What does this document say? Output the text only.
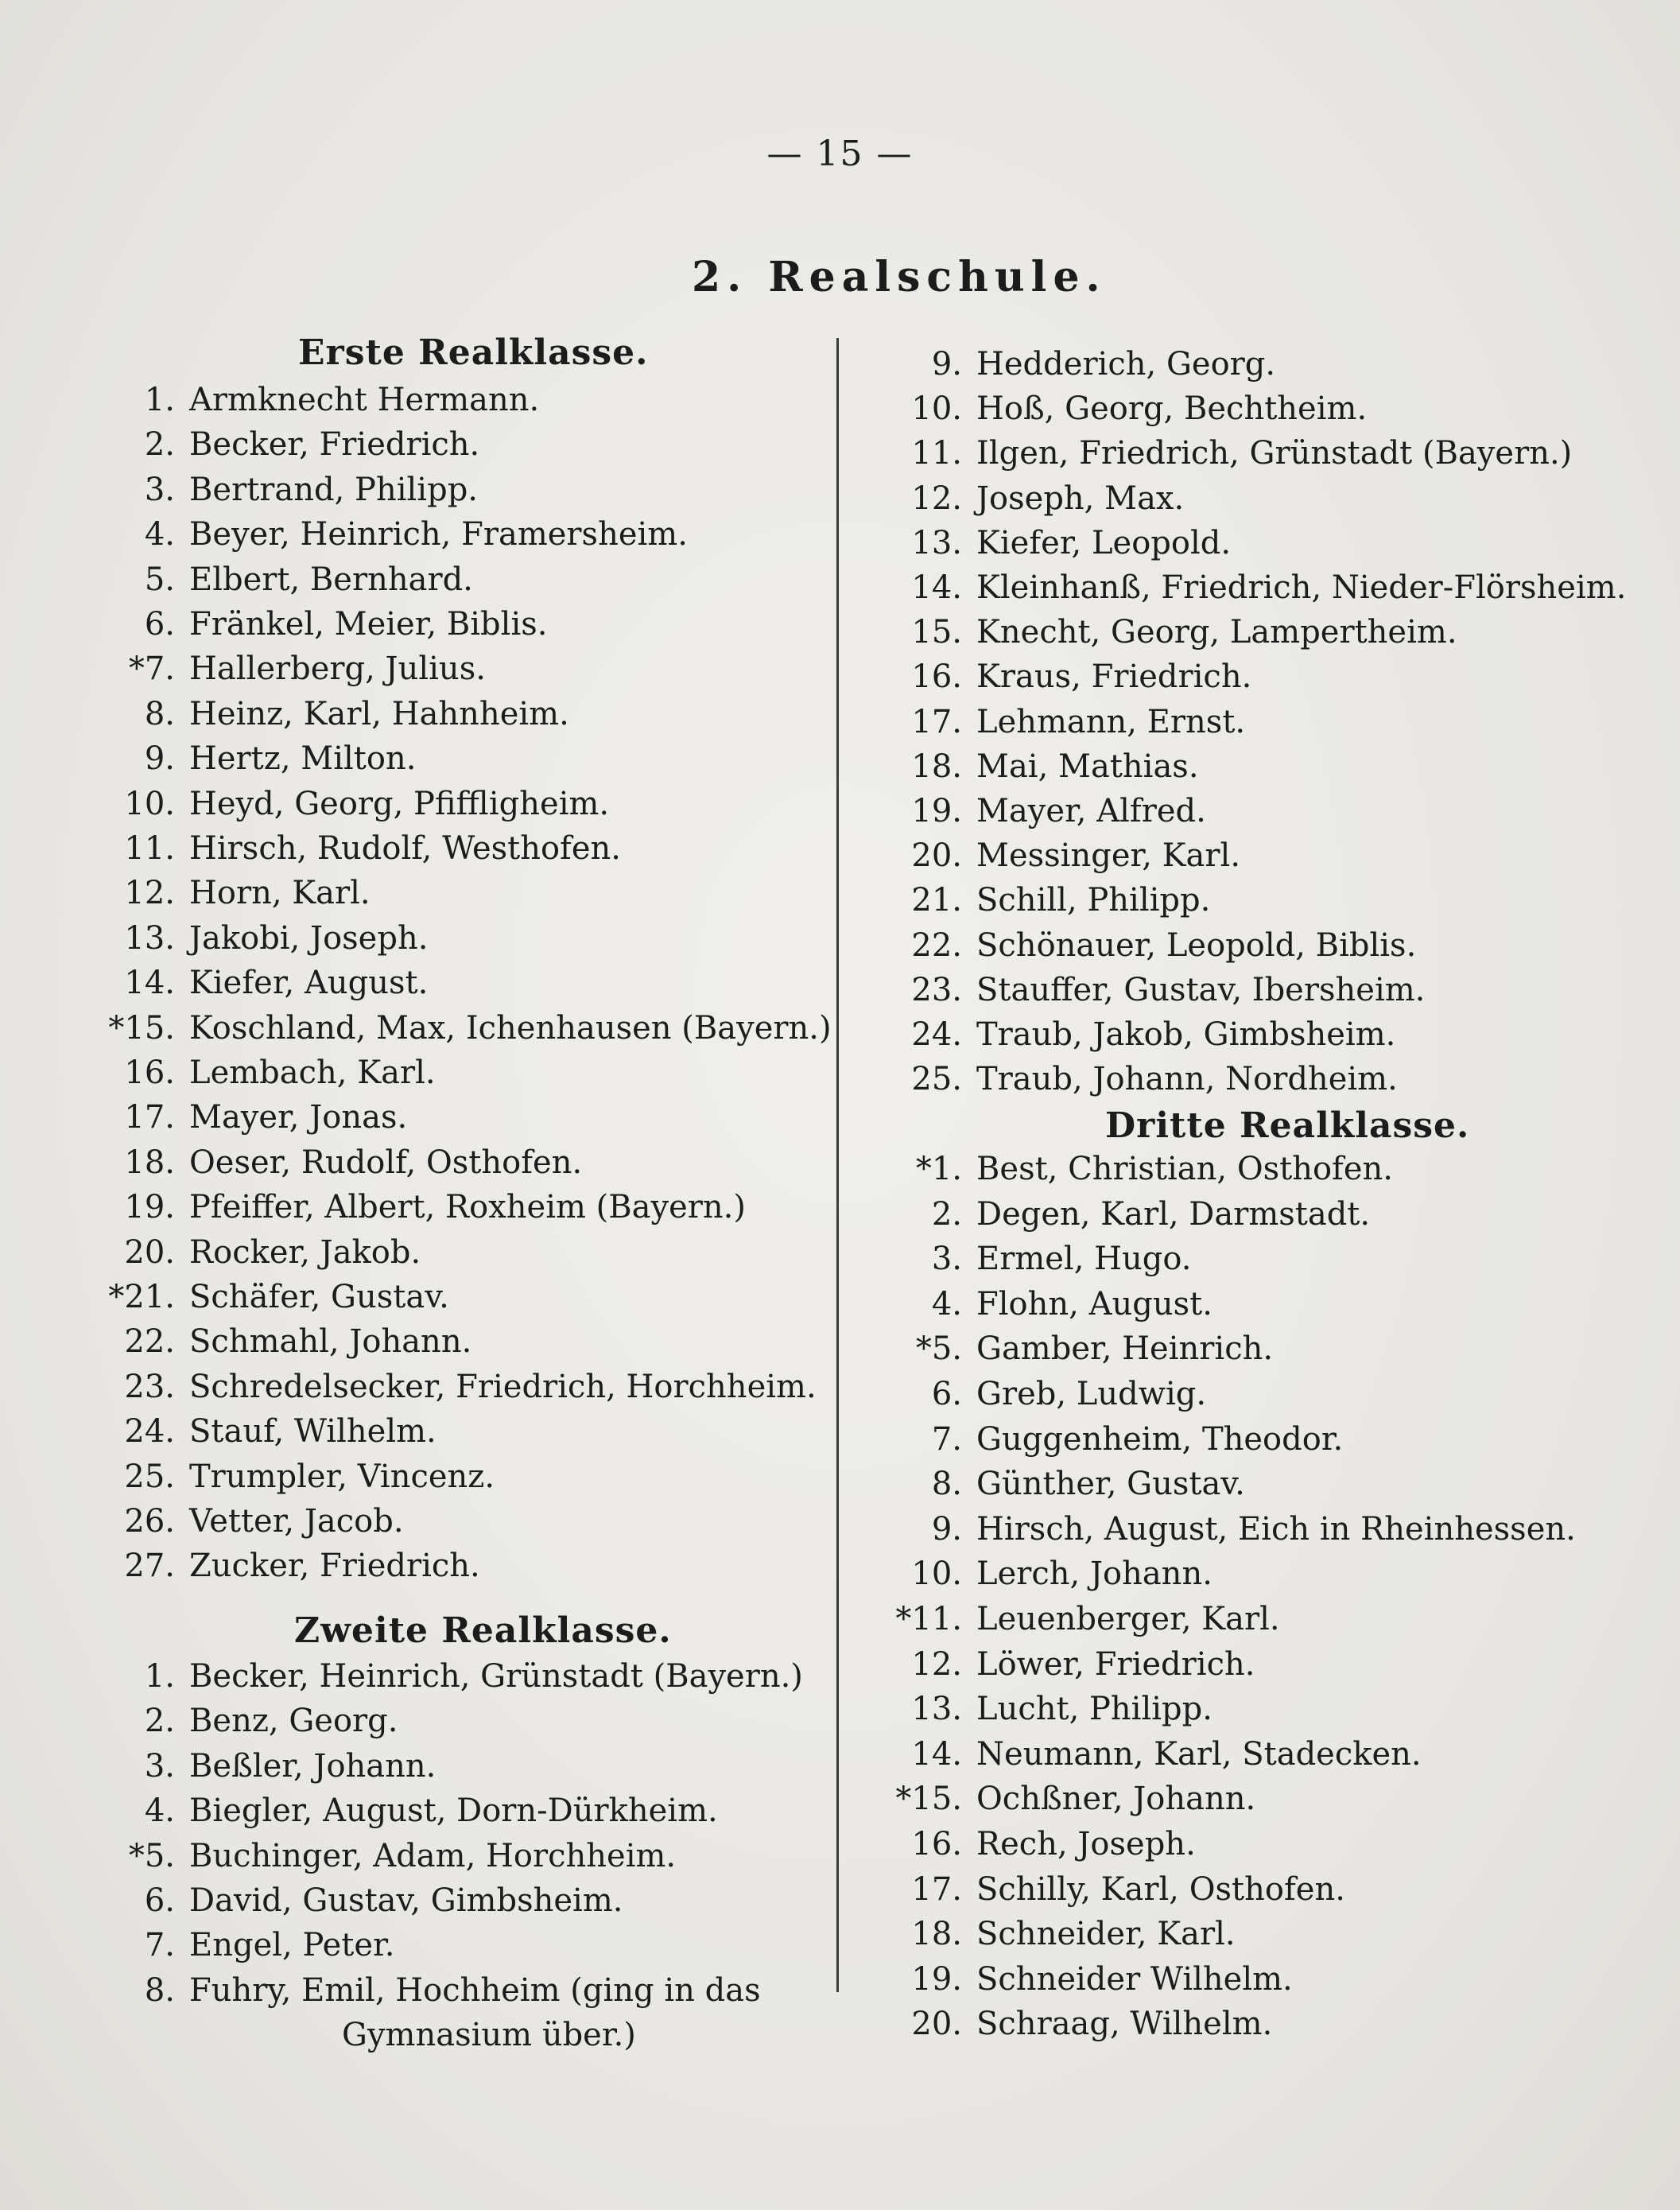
— 15 —
2. Realschule.
Erste Realklasse.
1. Armknecht Hermann.
2. Becker, Friedrich.
3. Bertrand, Philipp.
4. Beyer, Heinrich, Framersheim.
5. Elbert, Bernhard.
6. Fränkel, Meier, Biblis.
*7. Hallerberg, Julius.
8. Heinz, Karl, Hahnheim.
9. Hertz, Milton.
10. Heyd, Georg, Pfiffligheim.
11. Hirsch, Rudolf, Westhofen.
12. Horn, Karl.
13. Jakobi, Joseph.
14. Kiefer, August.
*15. Koschland, Max, Ichenhausen (Bayern.)
16. Lembach, Karl.
17. Mayer, Jonas.
18. Oeser, Rudolf, Osthofen.
19. Pfeiffer, Albert, Roxheim (Bayern.)
20. Rocker, Jakob.
*21. Schäfer, Gustav.
22. Schmahl, Johann.
23. Schredelsecker, Friedrich, Horchheim.
24. Stauf, Wilhelm.
25. Trumpler, Vincenz.
26. Vetter, Jacob.
27. Zucker, Friedrich.
Zweite Realklasse.
1. Becker, Heinrich, Grünstadt (Bayern.)
2. Benz, Georg.
3. Beßler, Johann.
4. Biegler, August, Dorn-Dürkheim.
*5. Buchinger, Adam, Horchheim.
6. David, Gustav, Gimbsheim.
7. Engel, Peter.
8. Fuhry, Emil, Hochheim (ging in das
Gymnasium über.)
9. Hedderich, Georg.
10. Hoß, Georg, Bechtheim.
11. Ilgen, Friedrich, Grünstadt (Bayern.)
12. Joseph, Max.
13. Kiefer, Leopold.
14. Kleinhanß, Friedrich, Nieder-Flörsheim.
15. Knecht, Georg, Lampertheim.
16. Kraus, Friedrich.
17. Lehmann, Ernst.
18. Mai, Mathias.
19. Mayer, Alfred.
20. Messinger, Karl.
21. Schill, Philipp.
22. Schönauer, Leopold, Biblis.
23. Stauffer, Gustav, Ibersheim.
24. Traub, Jakob, Gimbsheim.
25. Traub, Johann, Nordheim.
Dritte Realklasse.
*1. Best, Christian, Osthofen.
2. Degen, Karl, Darmstadt.
3. Ermel, Hugo.
4. Flohn, August.
*5. Gamber, Heinrich.
6. Greb, Ludwig.
7. Guggenheim, Theodor.
8. Günther, Gustav.
9. Hirsch, August, Eich in Rheinhessen.
10. Lerch, Johann.
*11. Leuenberger, Karl.
12. Löwer, Friedrich.
13. Lucht, Philipp.
14. Neumann, Karl, Stadecken.
*15. Ochßner, Johann.
16. Rech, Joseph.
17. Schilly, Karl, Osthofen.
18. Schneider, Karl.
19. Schneider Wilhelm.
20. Schraag, Wilhelm.
